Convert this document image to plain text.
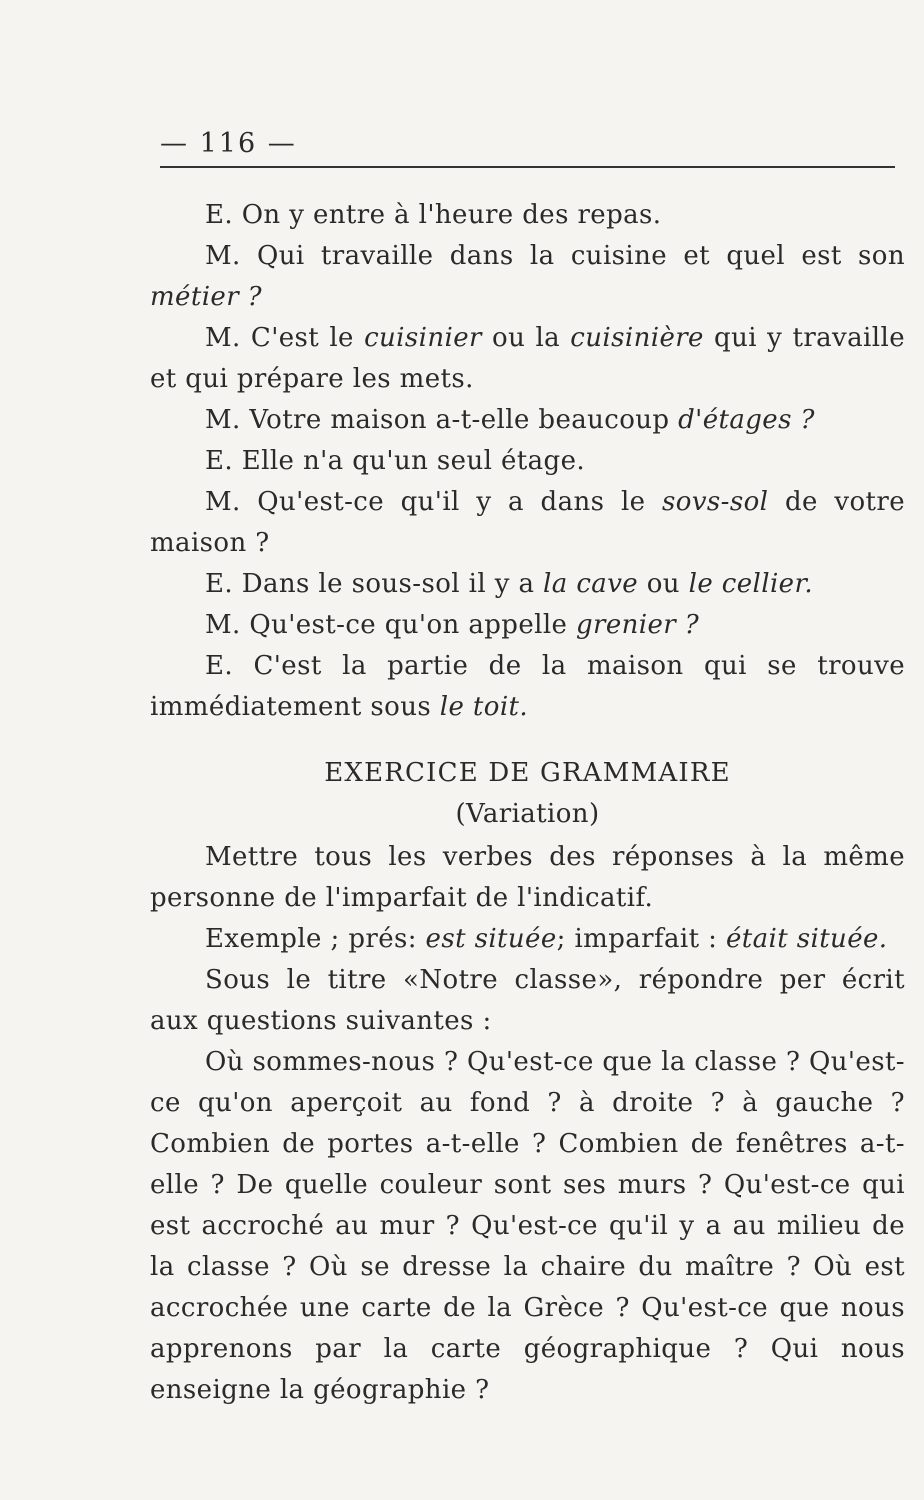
— 116 —
E. On y entre à l'heure des repas.
M. Qui travaille dans la cuisine et quel est son métier ?
M. C'est le cuisinier ou la cuisinière qui y travaille et qui prépare les mets.
M. Votre maison a-t-elle beaucoup d'étages ?
E. Elle n'a qu'un seul étage.
M. Qu'est-ce qu'il y a dans le sovs-sol de votre maison ?
E. Dans le sous-sol il y a la cave ou le cellier.
M. Qu'est-ce qu'on appelle grenier ?
E. C'est la partie de la maison qui se trouve immédiatement sous le toit.
EXERCICE DE GRAMMAIRE
(Variation)
Mettre tous les verbes des réponses à la même personne de l'imparfait de l'indicatif.
Exemple ; prés: est située; imparfait : était située.
Sous le titre «Notre classe», répondre per écrit aux questions suivantes :
Où sommes-nous ? Qu'est-ce que la classe ? Qu'est-ce qu'on aperçoit au fond ? à droite ? à gauche ? Combien de portes a-t-elle ? Combien de fenêtres a-t-elle ? De quelle couleur sont ses murs ? Qu'est-ce qui est accroché au mur ? Qu'est-ce qu'il y a au milieu de la classe ? Où se dresse la chaire du maître ? Où est accrochée une carte de la Grèce ? Qu'est-ce que nous apprenons par la carte géographique ? Qui nous enseigne la géographie ?
